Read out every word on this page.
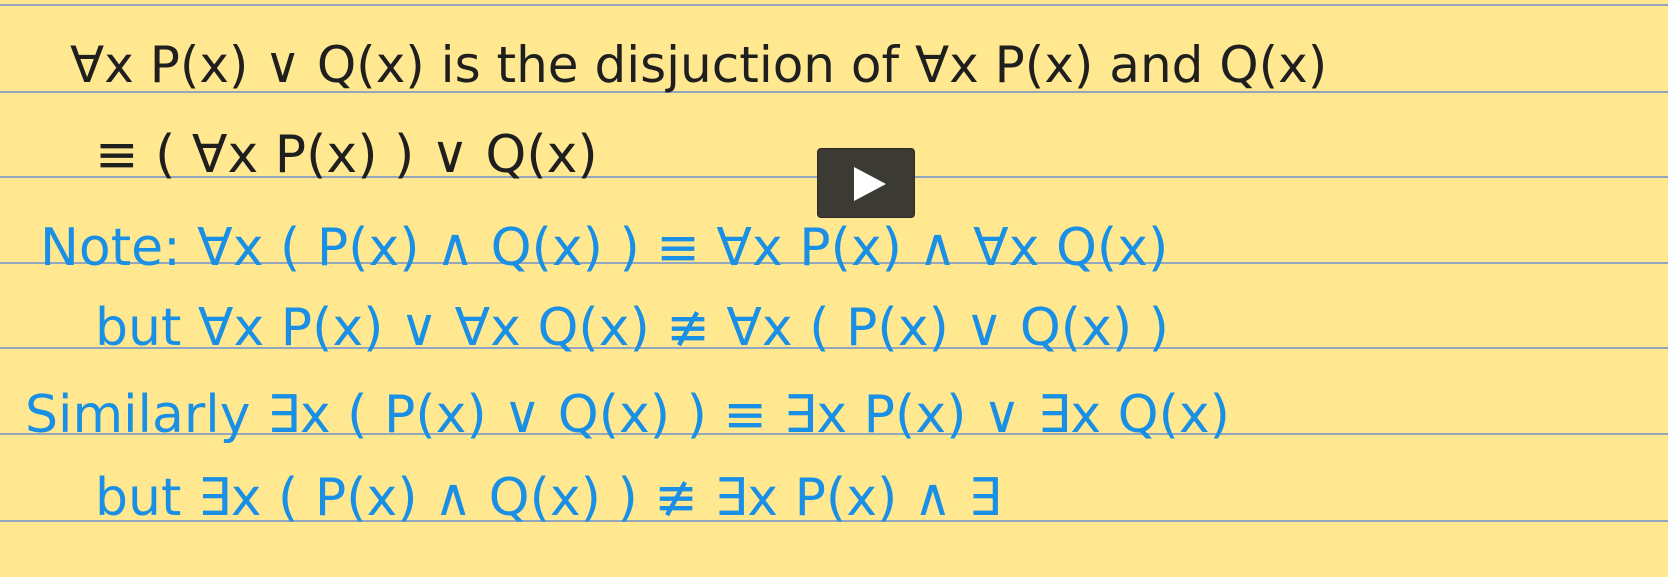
∀x P(x) ∨ Q(x) is the disjuction of ∀x P(x) and Q(x)
≡ ( ∀x P(x) ) ∨ Q(x)
Note: ∀x ( P(x) ∧ Q(x) ) ≡ ∀x P(x) ∧ ∀x Q(x)
but ∀x P(x) ∨ ∀x Q(x) ≢ ∀x ( P(x) ∨ Q(x) )
Similarly ∃x ( P(x) ∨ Q(x) ) ≡ ∃x P(x) ∨ ∃x Q(x)
but ∃x ( P(x) ∧ Q(x) ) ≢ ∃x P(x) ∧ ∃
